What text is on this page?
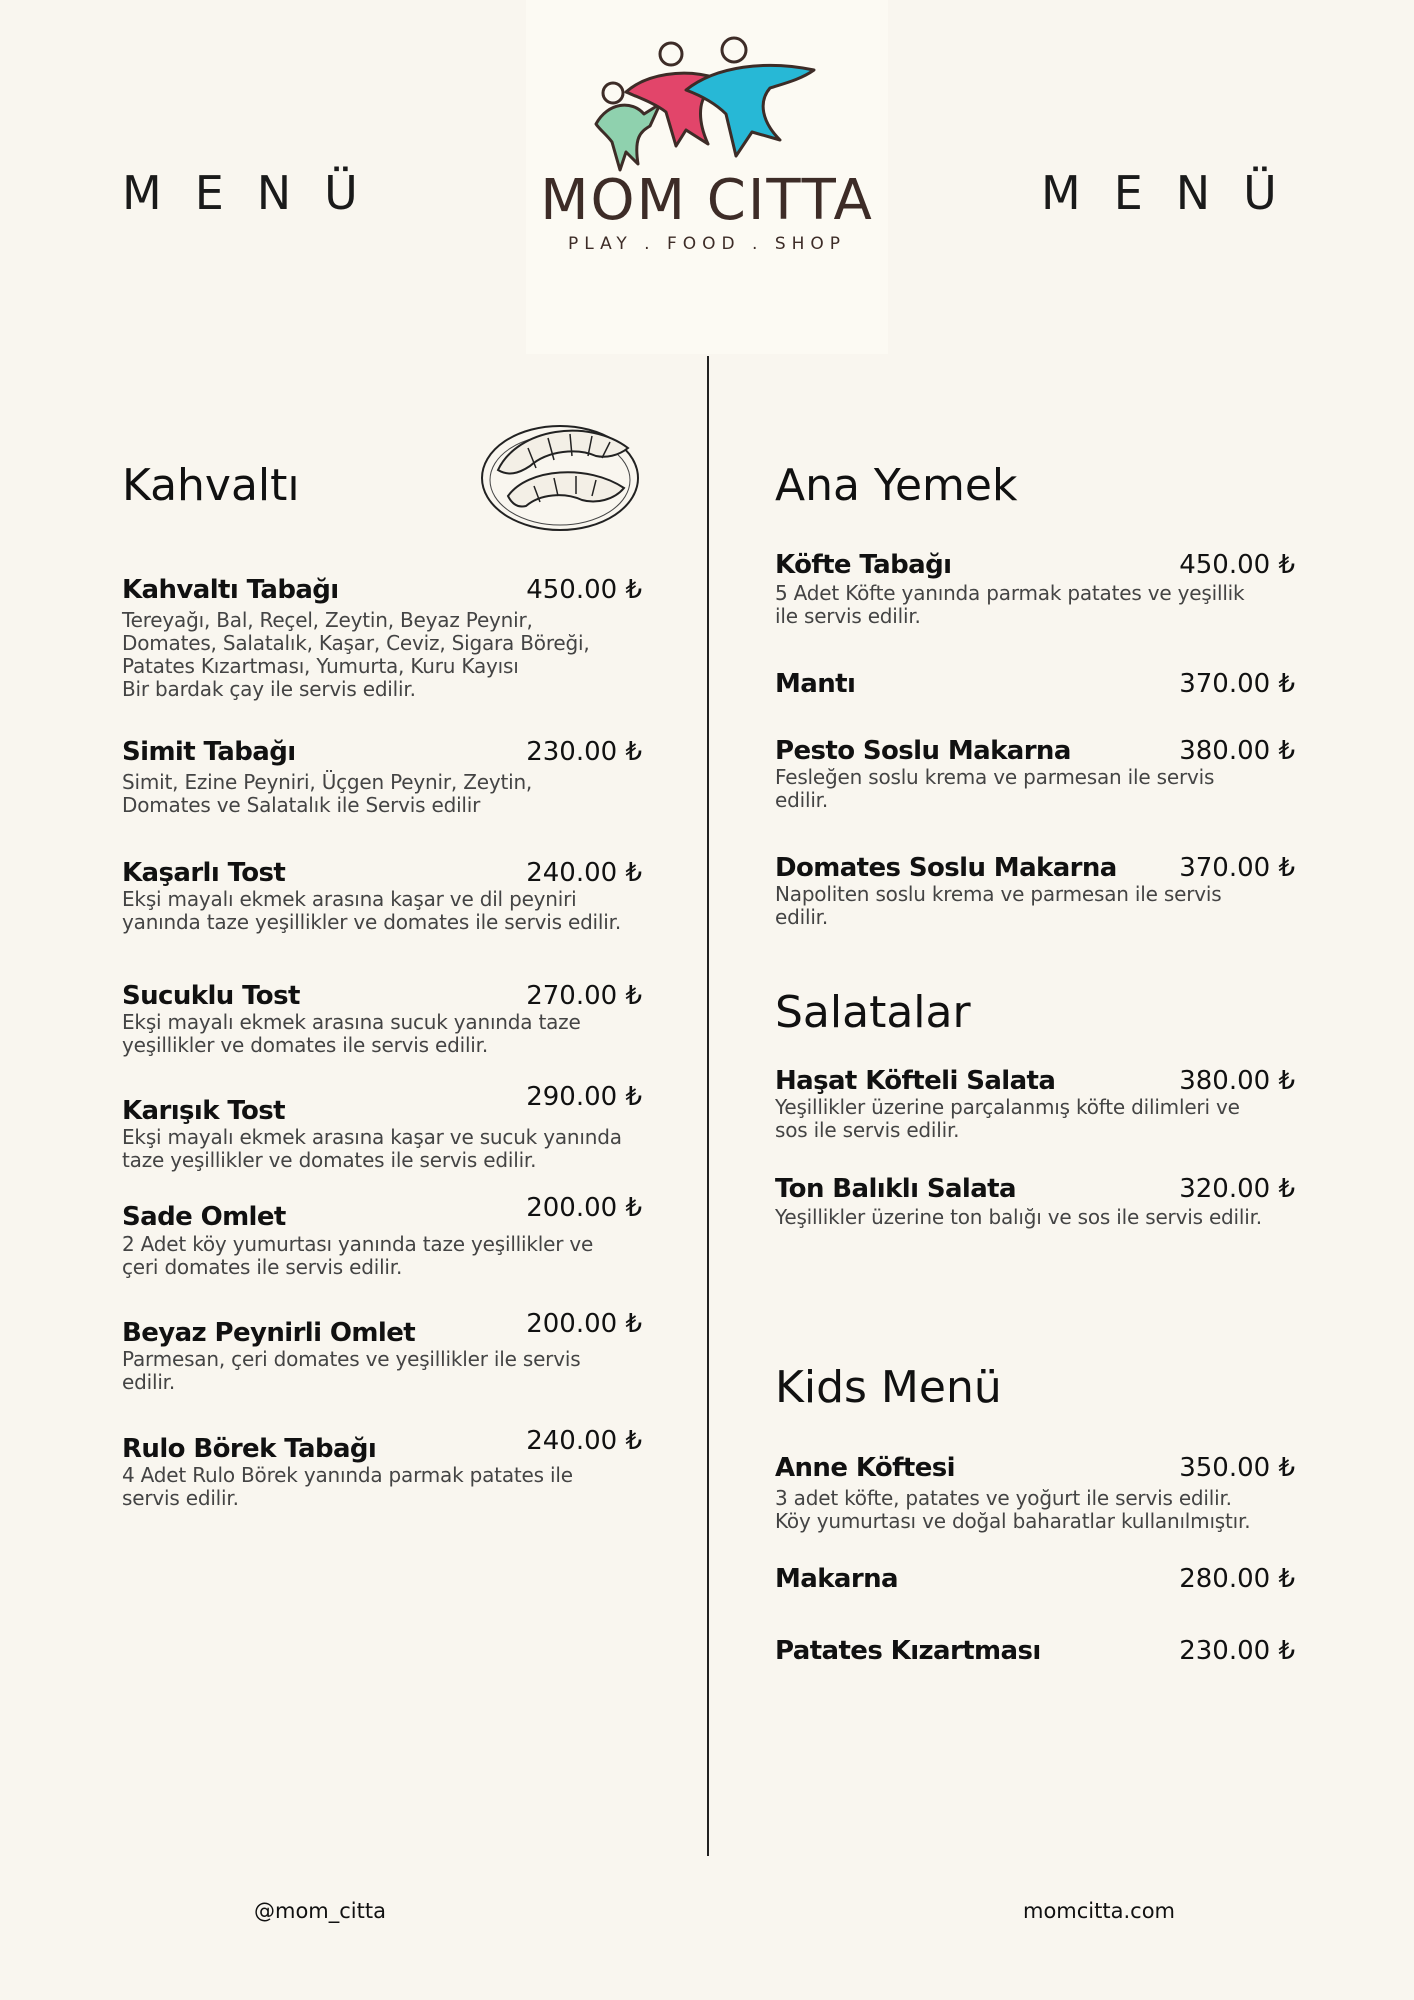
MENÜ	MENÜ
MOM CITTA
PLAY . FOOD . SHOP
Kahvaltı
Kahvaltı Tabağı	450.00 ₺
Tereyağı, Bal, Reçel, Zeytin, Beyaz Peynir,
Domates, Salatalık, Kaşar, Ceviz, Sigara Böreği,
Patates Kızartması, Yumurta, Kuru Kayısı
Bir bardak çay ile servis edilir.
Simit Tabağı	230.00 ₺
Simit, Ezine Peyniri, Üçgen Peynir, Zeytin,
Domates ve Salatalık ile Servis edilir
Kaşarlı Tost	240.00 ₺
Ekşi mayalı ekmek arasına kaşar ve dil peyniri
yanında taze yeşillikler ve domates ile servis edilir.
Sucuklu Tost	270.00 ₺
Ekşi mayalı ekmek arasına sucuk yanında taze
yeşillikler ve domates ile servis edilir.
Karışık Tost	290.00 ₺
Ekşi mayalı ekmek arasına kaşar ve sucuk yanında
taze yeşillikler ve domates ile servis edilir.
Sade Omlet	200.00 ₺
2 Adet köy yumurtası yanında taze yeşillikler ve
çeri domates ile servis edilir.
Beyaz Peynirli Omlet	200.00 ₺
Parmesan, çeri domates ve yeşillikler ile servis
edilir.
Rulo Börek Tabağı	240.00 ₺
4 Adet Rulo Börek yanında parmak patates ile
servis edilir.
Ana Yemek
Köfte Tabağı	450.00 ₺
5 Adet Köfte yanında parmak patates ve yeşillik
ile servis edilir.
Mantı	370.00 ₺
Pesto Soslu Makarna	380.00 ₺
Fesleğen soslu krema ve parmesan ile servis
edilir.
Domates Soslu Makarna 370.00 ₺
Napoliten soslu krema ve parmesan ile servis
edilir.
Salatalar
Haşat Köfteli Salata	380.00 ₺
Yeşillikler üzerine parçalanmış köfte dilimleri ve
sos ile servis edilir.
Ton Balıklı Salata	320.00 ₺
Yeşillikler üzerine ton balığı ve sos ile servis edilir.
Kids Menü
Anne Köftesi	350.00 ₺
3 adet köfte, patates ve yoğurt ile servis edilir.
Köy yumurtası ve doğal baharatlar kullanılmıştır.
Makarna	280.00 ₺
Patates Kızartması	230.00 ₺
@mom_citta	momcitta.com
